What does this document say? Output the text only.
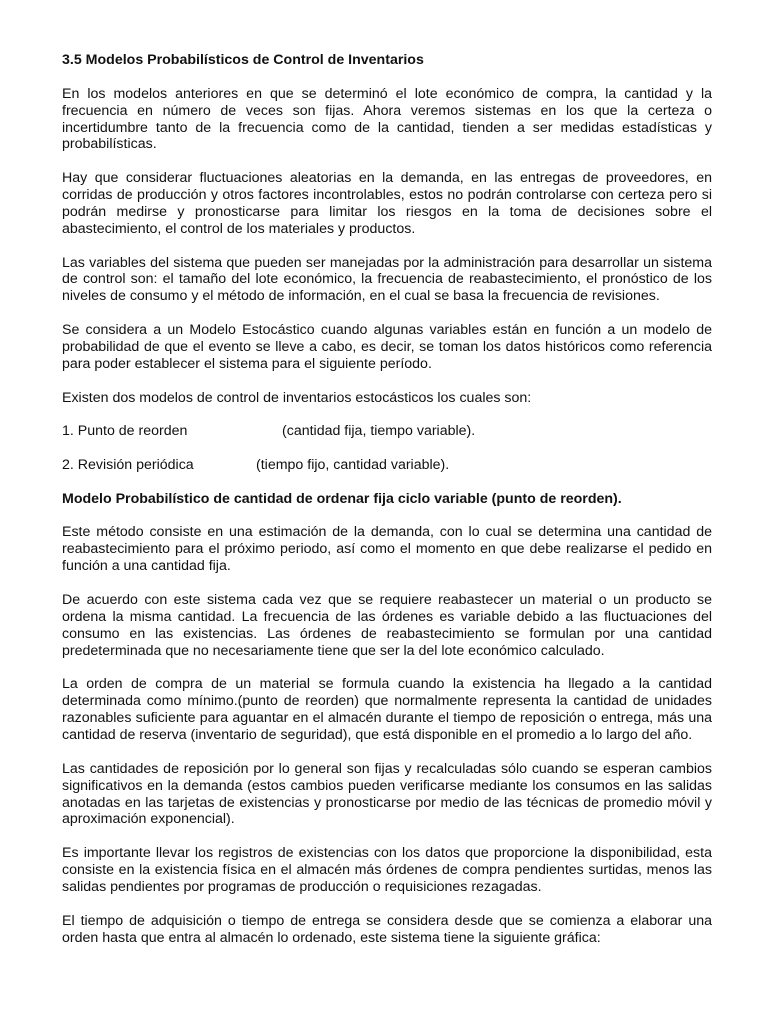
3.5 Modelos Probabilísticos de Control de Inventarios

En los modelos anteriores en que se determinó el lote económico de compra, la cantidad y la frecuencia en número de veces son fijas. Ahora veremos sistemas en los que la certeza o incertidumbre tanto de la frecuencia como de la cantidad, tienden a ser medidas estadísticas y probabilísticas.

Hay que considerar fluctuaciones aleatorias en la demanda, en las entregas de proveedores, en corridas de producción y otros factores incontrolables, estos no podrán controlarse con certeza pero si podrán medirse y pronosticarse para limitar los riesgos en la toma de decisiones sobre el abastecimiento, el control de los materiales y productos.

Las variables del sistema que pueden ser manejadas por la administración para desarrollar un sistema de control son: el tamaño del lote económico, la frecuencia de reabastecimiento, el pronóstico de los niveles de consumo y el método de información, en el cual se basa la frecuencia de revisiones.

Se considera a un Modelo Estocástico cuando algunas variables están en función a un modelo de probabilidad de que el evento se lleve a cabo, es decir, se toman los datos históricos como referencia para poder establecer el sistema para el siguiente período.

Existen dos modelos de control de inventarios estocásticos los cuales son:

1. Punto de reorden	(cantidad fija, tiempo variable).
2. Revisión periódica	(tiempo fijo, cantidad variable).
Modelo Probabilístico de cantidad de ordenar fija ciclo variable (punto de reorden).

Este método consiste en una estimación de la demanda, con lo cual se determina una cantidad de reabastecimiento para el próximo periodo, así como el momento en que debe realizarse el pedido en función a una cantidad fija.

De acuerdo con este sistema cada vez que se requiere reabastecer un material o un producto se ordena la misma cantidad. La frecuencia de las órdenes es variable debido a las fluctuaciones del consumo en las existencias. Las órdenes de reabastecimiento se formulan por una cantidad predeterminada que no necesariamente tiene que ser la del lote económico calculado.

La orden de compra de un material se formula cuando la existencia ha llegado a la cantidad determinada como mínimo.(punto de reorden) que normalmente representa la cantidad de unidades razonables suficiente para aguantar en el almacén durante el tiempo de reposición o entrega, más una cantidad de reserva (inventario de seguridad), que está disponible en el promedio a lo largo del año.

Las cantidades de reposición por lo general son fijas y recalculadas sólo cuando se esperan cambios significativos en la demanda (estos cambios pueden verificarse mediante los consumos en las salidas anotadas en las tarjetas de existencias y pronosticarse por medio de las técnicas de promedio móvil y aproximación exponencial).

Es importante llevar los registros de existencias con los datos que proporcione la disponibilidad, esta consiste en la existencia física en el almacén más órdenes de compra pendientes surtidas, menos las salidas pendientes por programas de producción o requisiciones rezagadas.

El tiempo de adquisición o tiempo de entrega se considera desde que se comienza a elaborar una orden hasta que entra al almacén lo ordenado, este sistema tiene la siguiente gráfica:
